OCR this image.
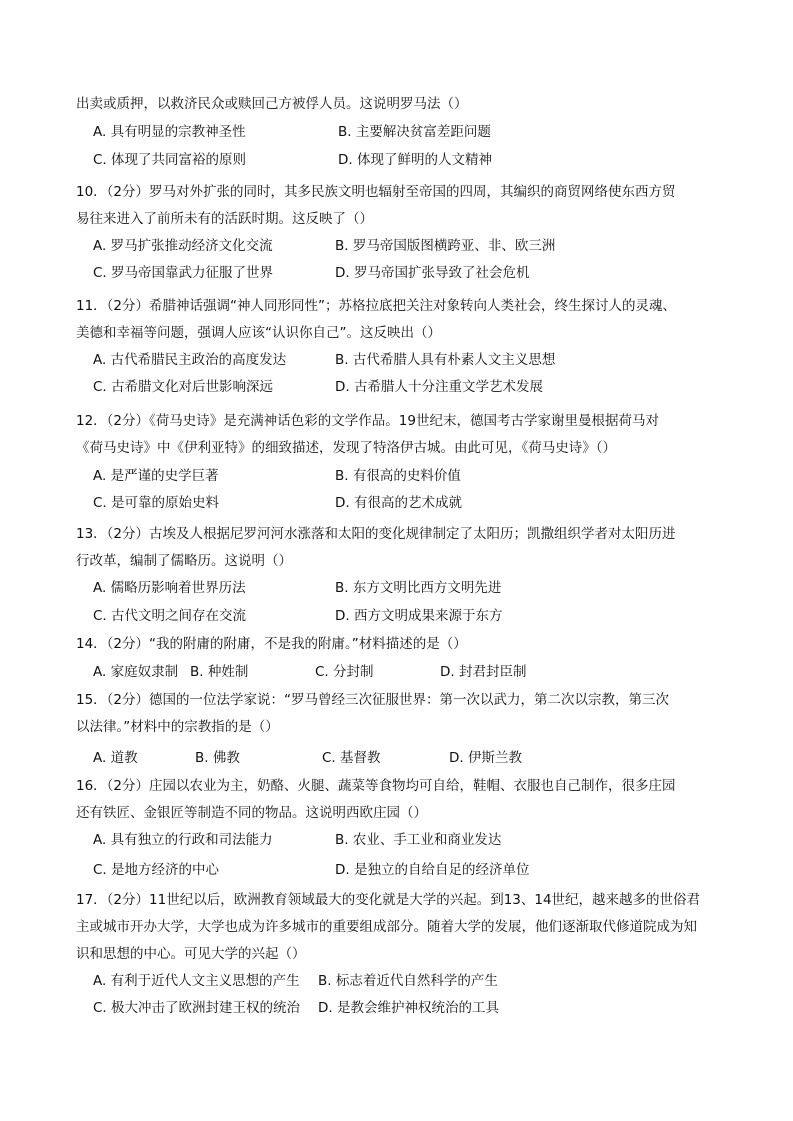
出卖或质押，以救济民众或赎回己方被俘人员。这说明罗马法（）
A. 具有明显的宗教神圣性	B. 主要解决贫富差距问题
C. 体现了共同富裕的原则	D. 体现了鲜明的人文精神
10．（2分）罗马对外扩张的同时，其多民族文明也辐射至帝国的四周，其编织的商贸网络使东西方贸
易往来进入了前所未有的活跃时期。这反映了（）
A. 罗马扩张推动经济文化交流	B. 罗马帝国版图横跨亚、非、欧三洲
C. 罗马帝国靠武力征服了世界	D. 罗马帝国扩张导致了社会危机
11．（2分）希腊神话强调“神人同形同性”；苏格拉底把关注对象转向人类社会，终生探讨人的灵魂、
美德和幸福等问题，强调人应该“认识你自己”。这反映出（）
A. 古代希腊民主政治的高度发达	B. 古代希腊人具有朴素人文主义思想
C. 古希腊文化对后世影响深远	D. 古希腊人十分注重文学艺术发展
12．（2分）《荷马史诗》是充满神话色彩的文学作品。19世纪末，德国考古学家谢里曼根据荷马对
《荷马史诗》中《伊利亚特》的细致描述，发现了特洛伊古城。由此可见，《荷马史诗》（）
A. 是严谨的史学巨著	B. 有很高的史料价值
C. 是可靠的原始史料	D. 有很高的艺术成就
13．（2分）古埃及人根据尼罗河河水涨落和太阳的变化规律制定了太阳历；凯撒组织学者对太阳历进
行改革，编制了儒略历。这说明（）
A. 儒略历影响着世界历法	B. 东方文明比西方文明先进
C. 古代文明之间存在交流	D. 西方文明成果来源于东方
14．（2分）“我的附庸的附庸，不是我的附庸。”材料描述的是（）
A. 家庭奴隶制 B. 种姓制	C. 分封制	D. 封君封臣制
15．（2分）德国的一位法学家说：“罗马曾经三次征服世界：第一次以武力，第二次以宗教，第三次
以法律。”材料中的宗教指的是（）
A. 道教	B. 佛教	C. 基督教	D. 伊斯兰教
16．（2分）庄园以农业为主，奶酪、火腿、蔬菜等食物均可自给，鞋帽、衣服也自己制作，很多庄园
还有铁匠、金银匠等制造不同的物品。这说明西欧庄园（）
A. 具有独立的行政和司法能力	B. 农业、手工业和商业发达
C. 是地方经济的中心	D. 是独立的自给自足的经济单位
17．（2分）11世纪以后，欧洲教育领域最大的变化就是大学的兴起。到13、14世纪，越来越多的世俗君
主或城市开办大学，大学也成为许多城市的重要组成部分。随着大学的发展，他们逐渐取代修道院成为知
识和思想的中心。可见大学的兴起（）
A. 有利于近代人文主义思想的产生 B. 标志着近代自然科学的产生
C. 极大冲击了欧洲封建王权的统治 D. 是教会维护神权统治的工具
